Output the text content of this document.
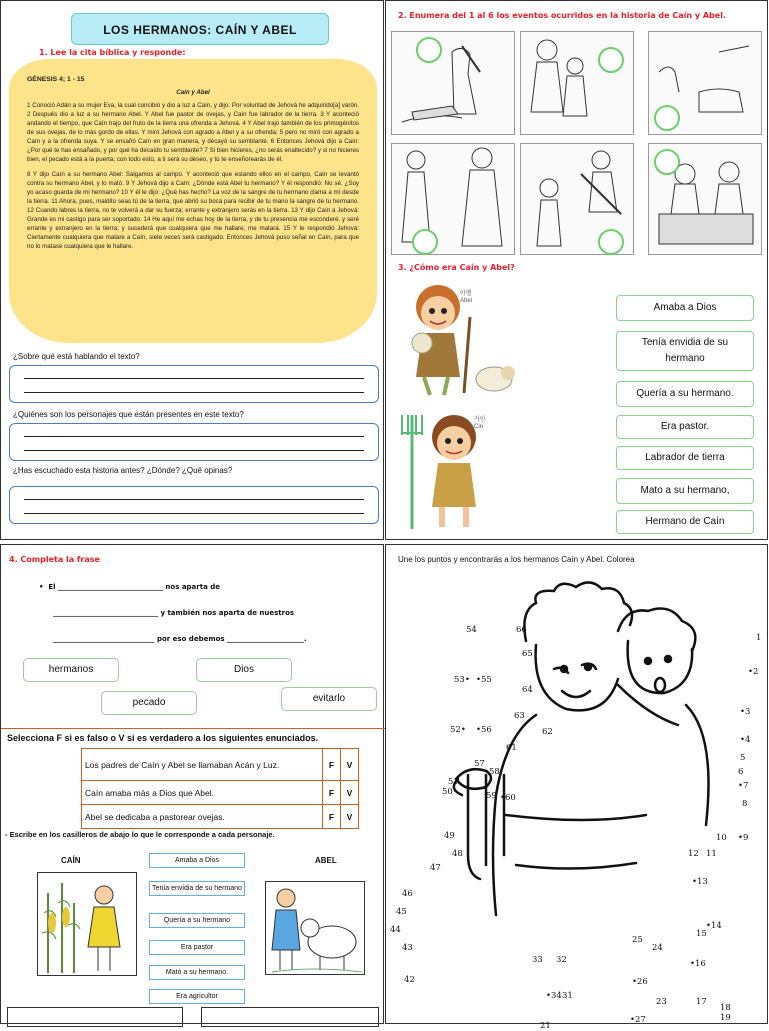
LOS HERMANOS: CAÍN Y ABEL
1. Lee la cita bíblica y responde:
GÉNESIS 4; 1 - 15
Caín y Abel

1 Conoció Adán a su mujer Eva, la cual concibió y dio a luz a Caín, y dijo: Por voluntad de Jehová he adquirido[a] varón. 2 Después dio a luz a su hermano Abel. Y Abel fue pastor de ovejas, y Caín fue labrador de la tierra. 3 Y aconteció andando el tiempo, que Caín trajo del fruto de la tierra una ofrenda a Jehová. 4 Y Abel trajo también de los primogénitos de sus ovejas, de lo más gordo de ellas. Y miró Jehová con agrado a Abel y a su ofrenda; 5 pero no miró con agrado a Caín y a la ofrenda suya. Y se ensañó Caín en gran manera, y decayó su semblante. 6 Entonces Jehová dijo a Caín: ¿Por qué te has ensañado, y por qué ha decaído tu semblante? 7 Si bien hicieres, ¿no serás enaltecido? y si no hicieres bien, el pecado está a la puerta; con todo esto, a ti será su deseo, y tú te enseñorearás de él.

8 Y dijo Caín a su hermano Abel: Salgamos al campo. Y aconteció que estando ellos en el campo, Caín se levantó contra su hermano Abel, y lo mató. 9 Y Jehová dijo a Caín: ¿Dónde está Abel tu hermano? Y él respondió: No sé. ¿Soy yo acaso guarda de mi hermano? 10 Y él le dijo: ¿Qué has hecho? La voz de la sangre de tu hermano clama a mí desde la tierra. 11 Ahora, pues, maldito seas tú de la tierra, que abrió su boca para recibir de tu mano la sangre de tu hermano. 12 Cuando labres la tierra, no te volverá a dar su fuerza; errante y extranjero serás en la tierra. 13 Y dijo Caín a Jehová: Grande es mi castigo para ser soportado. 14 He aquí me echas hoy de la tierra, y de tu presencia me esconderé, y seré errante y extranjero en la tierra; y sucederá que cualquiera que me hallare, me matará. 15 Y le respondió Jehová: Ciertamente cualquiera que matare a Caín, siete veces será castigado. Entonces Jehová puso señal en Caín, para que no lo matase cualquiera que le hallare.

¿Sobre qué está hablando el texto?
¿Quiénes son los personajes que están presentes en este texto?
¿Has escuchado esta historia antes? ¿Dónde? ¿Qué opinas?
2. Enumera del 1 al 6 los eventos ocurridos en la historia de Caín y Abel.
3. ¿Cómo era Caín y Abel?
아벨
Abel
카인
Cin
Amaba a Dios
Tenía envidia de su hermano
Quería a su hermano.
Era pastor.
Labrador de tierra
Mato a su hermano,
Hermano de Caín
4. Completa la frase
•  El ______________________________ nos aparta de
______________________________ y también nos aparta de nuestros
_____________________________ por eso debemos ______________________.
hermanos	Dios
pecado	evitarlo
Selecciona F si es falso o V si es verdadero a los siguientes enunciados.
Los padres de Caín y Abel se llamaban Acán y Luz.	F	V
Caín amaba más a Dios que Abel.	F	V
Abel se dedicaba a pastorear ovejas.	F	V
- Escribe en los casilleros de abajo lo que le corresponde a cada personaje.
CAÍN	ABEL
Amaba a Dios
Tenía envidia de su hermano
Quería a su hermano
Era pastor
Mató a su hermano.
Era agricultor
Une los puntos y encontrarás a los hermanos Caín y Abel. Colorea
54	66
65
53• •55
64
63
62
52• •56
61
57
•58
51
50•	59 •60
49
48
47
46
45
44
43
42
1
•2
•3
•4
5
6
•7
8
10 •9
12 11
•13
•14
15
24
25
•16
33 32
•34 31
•26
23	17
18
19
•27
21
